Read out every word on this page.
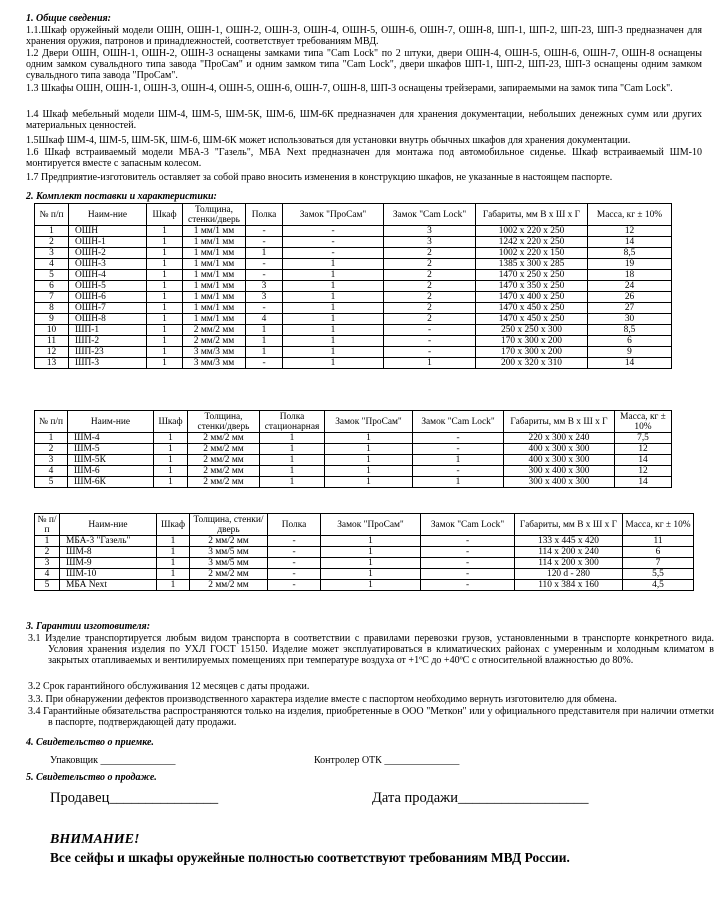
1. Общие сведения:

1.1.Шкаф оружейный модели ОШН, ОШН-1, ОШН-2, ОШН-3, ОШН-4, ОШН-5, ОШН-6, ОШН-7, ОШН-8, ШП-1, ШП-2, ШП-23, ШП-3 предназначен для хранения оружия, патронов и принадлежностей, соответствует требованиям МВД.

1.2 Двери ОШН, ОШН-1, ОШН-2, ОШН-3 оснащены замками типа "Cam Lock" по 2 штуки, двери ОШН-4, ОШН-5, ОШН-6, ОШН-7, ОШН-8 оснащены одним замком сувальдного типа завода "ПроСам" и одним замком типа "Cam Lock", двери шкафов ШП-1, ШП-2, ШП-23, ШП-3 оснащены одним замком сувальдного типа завода "ПроСам".

1.3 Шкафы ОШН, ОШН-1, ОШН-3, ОШН-4, ОШН-5, ОШН-6, ОШН-7, ОШН-8, ШП-3 оснащены трейзерами, запираемыми на замок типа "Cam Lock".

1.4 Шкаф мебельный модели ШМ-4, ШМ-5, ШМ-5К, ШМ-6, ШМ-6К предназначен для хранения документации, небольших денежных сумм или других материальных ценностей.

1.5Шкаф ШМ-4, ШМ-5, ШМ-5К, ШМ-6, ШМ-6К может использоваться для установки внутрь обычных шкафов для хранения документации.

1.6 Шкаф встраиваемый модели МБА-3 "Газель", МБА Next предназначен для монтажа под автомобильное сиденье. Шкаф встраиваемый ШМ-10 монтируется вместе с запасным колесом.

1.7 Предприятие-изготовитель оставляет за собой право вносить изменения в конструкцию шкафов, не указанные в настоящем паспорте.

2. Комплект поставки и характеристики:
№ п/п	Наим-ние	Шкаф	Толщина, стенки/дверь	Полка	Замок "ПроСам"	Замок "Cam Lock"	Габариты, мм В х Ш х Г	Масса, кг ± 10%
1	ОШН	1	1 мм/1 мм	-	-	3	1002 x 220 x 250	12
2	ОШН-1	1	1 мм/1 мм	-	-	3	1242 x 220 x 250	14
3	ОШН-2	1	1 мм/1 мм	1	-	2	1002 x 220 x 150	8,5
4	ОШН-3	1	1 мм/1 мм	-	1	2	1385 x 300 x 285	19
5	ОШН-4	1	1 мм/1 мм	-	1	2	1470 x 250 x 250	18
6	ОШН-5	1	1 мм/1 мм	3	1	2	1470 x 350 x 250	24
7	ОШН-6	1	1 мм/1 мм	3	1	2	1470 x 400 x 250	26
8	ОШН-7	1	1 мм/1 мм	-	1	2	1470 x 450 x 250	27
9	ОШН-8	1	1 мм/1 мм	4	1	2	1470 x 450 x 250	30
10	ШП-1	1	2 мм/2 мм	1	1	-	250 x 250 x 300	8,5
11	ШП-2	1	2 мм/2 мм	1	1	-	170 x 300 x 200	6
12	ШП-23	1	3 мм/3 мм	1	1	-	170 x 300 x 200	9
13	ШП-3	1	3 мм/3 мм	-	1	1	200 x 320 x 310	14
№ п/п	Наим-ние	Шкаф	Толщина, стенки/дверь	Полка стационарная	Замок "ПроСам"	Замок "Cam Lock"	Габариты, мм В х Ш х Г	Масса, кг ± 10%
1	ШМ-4	1	2 мм/2 мм	1	1	-	220 x 300 x 240	7,5
2	ШМ-5	1	2 мм/2 мм	1	1	-	400 x 300 x 300	12
3	ШМ-5К	1	2 мм/2 мм	1	1	1	400 x 300 x 300	14
4	ШМ-6	1	2 мм/2 мм	1	1	-	300 x 400 x 300	12
5	ШМ-6К	1	2 мм/2 мм	1	1	1	300 x 400 x 300	14
№ п/п	Наим-ние	Шкаф	Толщина, стенки/дверь	Полка	Замок "ПроСам"	Замок "Cam Lock"	Габариты, мм В х Ш х Г	Масса, кг ± 10%
1	МБА-3 "Газель"	1	2 мм/2 мм	-	1	-	133 x 445 x 420	11
2	ШМ-8	1	3 мм/5 мм	-	1	-	114 x 200 x 240	6
3	ШМ-9	1	3 мм/5 мм	-	1	-	114 x 200 x 300	7
4	ШМ-10	1	2 мм/2 мм	-	1	-	120 d - 280	5,5
5	МБА Next	1	2 мм/2 мм	-	1	-	110 x 384 x 160	4,5
3. Гарантии изготовителя:

3.1 Изделие транспортируется любым видом транспорта в соответствии с правилами перевозки грузов, установленными в транспорте конкретного вида. Условия хранения изделия по УХЛ ГОСТ 15150. Изделие может эксплуатироваться в климатических районах с умеренным и холодным климатом в закрытых отапливаемых и вентилируемых помещениях при температуре воздуха от +1ºС до +40ºС с относительной влажностью до 80%.

3.2 Срок гарантийного обслуживания 12 месяцев с даты продажи.

3.3. При обнаружении дефектов производственного характера изделие вместе с паспортом необходимо вернуть изготовителю для обмена.

3.4 Гарантийные обязательства распространяются только на изделия, приобретенные в ООО "Меткон" или у официального представителя при наличии отметки в паспорте, подтверждающей дату продажи.

4. Свидетельство о приемке.
Упаковщик _______________	Контролер ОТК _______________
5. Свидетельство о продаже.
Продавец_______________	Дата продажи__________________
ВНИМАНИЕ!
Все сейфы и шкафы оружейные полностью соответствуют требованиям МВД России.
